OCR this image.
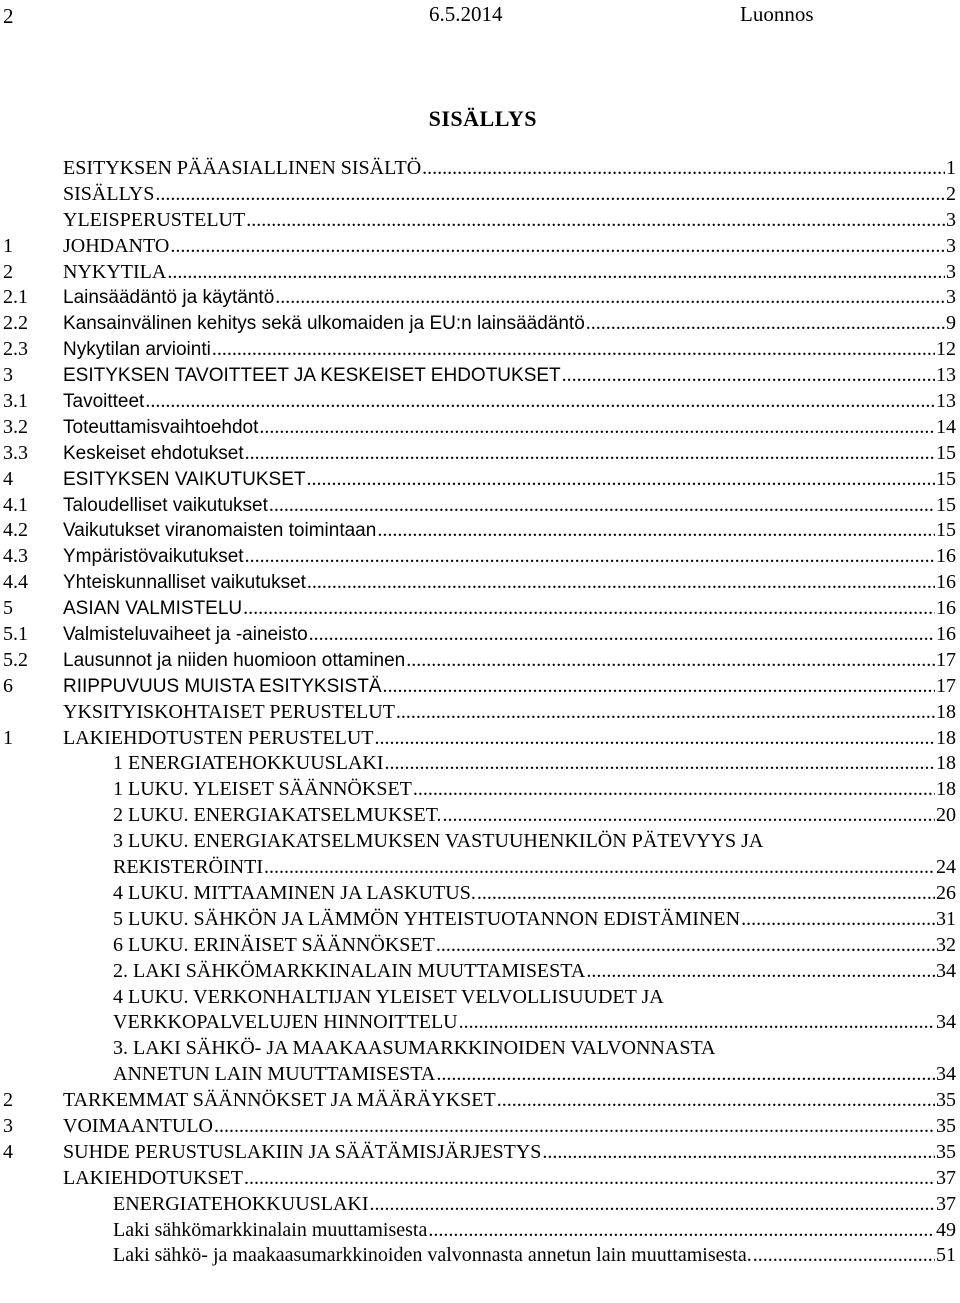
2	6.5.2014	Luonnos
SISÄLLYS
ESITYKSEN PÄÄASIALLINEN SISÄLTÖ .....	1
SISÄLLYS .....	2
YLEISPERUSTELUT .....	3
1	JOHDANTO .....	3
2	NYKYTILA .....	3
2.1	Lainsäädäntö ja käytäntö .....	3
2.2	Kansainvälinen kehitys sekä ulkomaiden ja EU:n lainsäädäntö .....	9
2.3	Nykytilan arviointi .....	12
3	ESITYKSEN TAVOITTEET JA KESKEISET EHDOTUKSET .....	13
3.1	Tavoitteet .....	13
3.2	Toteuttamisvaihtoehdot .....	14
3.3	Keskeiset ehdotukset .....	15
4	ESITYKSEN VAIKUTUKSET .....	15
4.1	Taloudelliset vaikutukset .....	15
4.2	Vaikutukset viranomaisten toimintaan .....	15
4.3	Ympäristövaikutukset .....	16
4.4	Yhteiskunnalliset vaikutukset .....	16
5	ASIAN VALMISTELU .....	16
5.1	Valmisteluvaiheet ja -aineisto .....	16
5.2	Lausunnot ja niiden huomioon ottaminen .....	17
6	RIIPPUVUUS MUISTA ESITYKSISTÄ .....	17
YKSITYISKOHTAISET PERUSTELUT .....	18
1	LAKIEHDOTUSTEN PERUSTELUT .....	18
1 ENERGIATEHOKKUUSLAKI .....	18
1 LUKU. YLEISET SÄÄNNÖKSET .....	18
2 LUKU. ENERGIAKATSELMUKSET. .....	20
3 LUKU. ENERGIAKATSELMUKSEN VASTUUHENKILÖN PÄTEVYYS JA
REKISTERÖINTI .....	24
4 LUKU. MITTAAMINEN JA LASKUTUS. .....	26
5 LUKU. SÄHKÖN JA LÄMMÖN YHTEISTUOTANNON EDISTÄMINEN .....	31
6 LUKU. ERINÄISET SÄÄNNÖKSET .....	32
2. LAKI SÄHKÖMARKKINALAIN MUUTTAMISESTA .....	34
4 LUKU. VERKONHALTIJAN YLEISET VELVOLLISUUDET JA
VERKKOPALVELUJEN HINNOITTELU .....	34
3. LAKI SÄHKÖ- JA MAAKAASUMARKKINOIDEN VALVONNASTA
ANNETUN LAIN MUUTTAMISESTA .....	34
2	TARKEMMAT SÄÄNNÖKSET JA MÄÄRÄYKSET .....	35
3	VOIMAANTULO .....	35
4	SUHDE PERUSTUSLAKIIN JA SÄÄTÄMISJÄRJESTYS .....	35
LAKIEHDOTUKSET .....	37
ENERGIATEHOKKUUSLAKI .....	37
Laki sähkömarkkinalain muuttamisesta .....	49
Laki sähkö- ja maakaasumarkkinoiden valvonnasta annetun lain muuttamisesta. .....	51
